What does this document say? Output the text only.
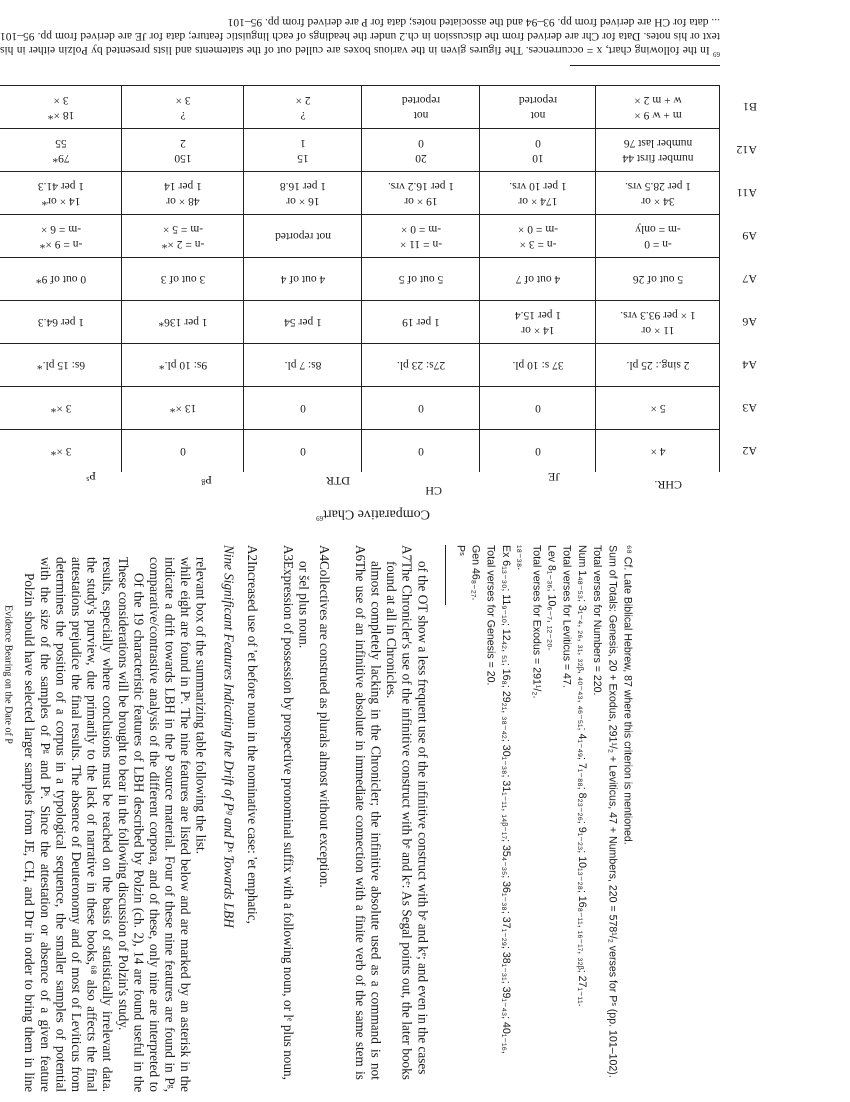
Comparative Chart$^{69}$
CHR.
JE
CH
DTR
$P^g$
$P^s$
A2	4 ×	0	0	0	0	3 ×*
A3	5 ×	0	0	0	13 ×*	3 ×*
A4	2 sing.: 25 pl.	37 s: 10 pl.	27s: 23 pl.	8s: 7 pl.	9s: 10 pl.*	6s: 15 pl.*
A6	11 × or
1 × per 93.3 vrs.	14 × or
1 per 15.4	1 per 19	1 per 54	1 per 136*	1 per 64.3
A7	5 out of 26	4 out of 7	5 out of 5	4 out of 4	3 out of 3	0 out of 9*
A9	-n = 0
-m = only	-n = 3 ×
-m = 0 ×	-n = 11 ×
-m = 0 ×	not reported	-n = 2 ×*
-m = 5 ×	-n = 9 ×*
-m = 6 ×
A11	34 × or
1 per 28.5 vrs.	174 × or
1 per 10 vrs.	19 × or
1 per 16.2 vrs.	16 × or
1 per 16.8	48 × or
1 per 14	14 × or*
1 per 41.3
A12	number first 44
number last 76	10
0	20
0	15
1	150
2	79*
55
B1	m + w 9 ×
w + m 2 ×	not
reported	not
reported	?
2 ×	?
3 ×	18 ×*
3 ×
$^{69}$ In the following chart, x = occurrences. The figures given in the various boxes are culled out of the statements and lists presented by Polzin either in his text or his notes. Data for Chr are derived from the discussion in ch.2 under the headings of each linguistic feature; data for JE are derived from pp. 95–101 ... data for CH are derived from pp. 93–94 and the associated notes; data for P are derived from pp. 95–101
Evidence Bearing on the Date of P Polzin should have selected larger samples from JE, CH, and Dtr in order to bring them in line with the size of the samples of Pᵍ and Pˢ. Since the attestation or absence of a given feature determines the position of a corpus in a typological sequence, the smaller samples of potential attestations prejudice the final results. The absence of Deuteronomy and of most of Leviticus from the study's purview, due primarily to the lack of narrative in these books,⁶⁸ also affects the final results, especially where conclusions must be reached on the basis of statistically irrelevant data. These considerations will be brought to bear in the following discussion of Polzin's study. Of the 19 characteristic features of LBH described by Polzin (ch. 2), 14 are found useful in the comparative/contrastive analysis of the different corpora, and of these, only nine are interpreted to indicate a drift towards LBH in the P source material. Four of these nine features are found in Pᵍ, while eight are found in Pˢ. The nine features are listed below and are marked by an asterisk in the relevant box of the summarizing table following the list. Nine Significant Features Indicating the Drift of Pᵍ and Pˢ Towards LBH A2
Increased use of 'et before noun in the nominative case: 'et emphatic,
A3
Expression of possession by prospective pronominal suffix with a following noun, or lᵉ plus noun, or šel plus noun.
A4
Collectives are construed as plurals almost without exception.
A6
The use of an infinitive absolute in immediate connection with a finite verb of the same stem is almost completely lacking in the Chronicler; the infinitive absolute used as a command is not found at all in Chronicles.
A7
The Chronicler's use of the infinitive construct with bᵉ and kᵉ: As Segal points out, the later books of the OT show a less frequent use of the infinitive construct with bᵉ and kᵉ; and even in the cases
Pˢ Gen 46₈₋₂₇. Total verses for Genesis = 20. Ex 6₁₃₋₃₀; 11₉₋₁₀; 12₄₂, ₅₁; 16₈; 29₂₁, ₃₈₋₄₂; 30₁₋₃₈; 31₁₋₁₁, ₁₄ᵦ₋₁₇; 35₄₋₃₅; 36₁₋₃₈; 37₁₋₂₉; 38₁₋₃₁; 39₁₋₄₃; 40₁₋₁₆, ₁₈₋₃₈. Total verses for Exodus = 291¹/₂. Lev 8₁₋₃₆; 10₆₋₇, ₁₂₋₂₀. Total verses for Leviticus = 47. Num 1₄₈₋₅₃; 3₁₋₄, ₂₆, ₃₁, ₃₂ᵦ, ₄₀₋₄₃, ₄₆₋₅₁; 4₁₋₄₉; 7₁₋₈₈; 8₂₃₋₂₆; 9₁₋₂₃; 10₁₃₋₂₈; 16₈₋₁₁, ₁₆₋₁₇, ₃₂ᵦ; 27₁₋₁₁. Total verses for Numbers = 220. Sum of Totals: Genesis, 20 + Exodus, 291¹/₂ + Leviticus, 47 + Numbers, 220 = 578¹/₂ verses for Pˢ (pp. 101–102). ⁶⁸ Cf. Late Biblical Hebrew, 87 where this criterion is mentioned.
